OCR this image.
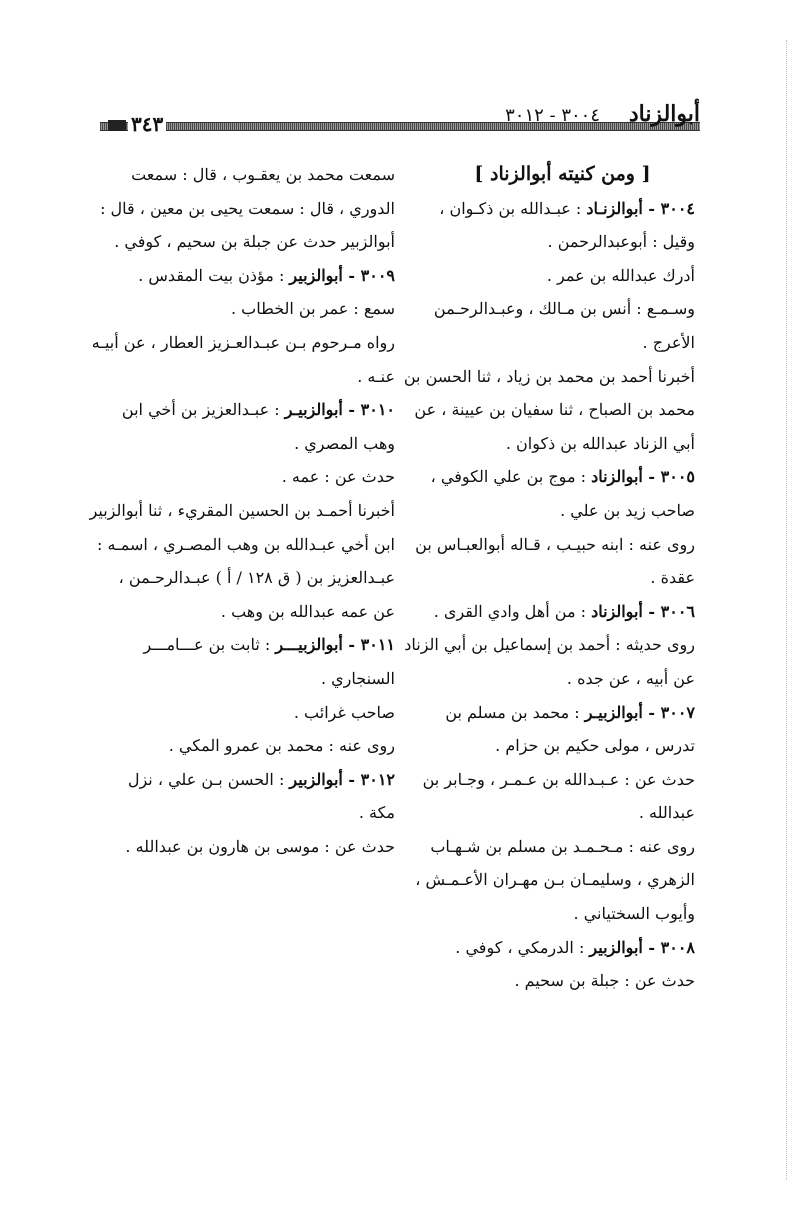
أبوالزناد
٣٠٠٤ - ٣٠١٢
٣٤٣
[ ومن كنيته أبوالزناد ]
٣٠٠٤ - أبوالزنـاد : عبـدالله بن ذكـوان ،
وقيل : أبوعبدالرحمن .
أدرك عبدالله بن عمر .
وسـمـع : أنس بن مـالك ، وعبـدالرحـمن
الأعرج .
أخبرنا أحمد بن محمد بن زياد ، ثنا الحسن بن
محمد بن الصباح ، ثنا سفيان بن عيينة ، عن
أبي الزناد عبدالله بن ذكوان .
٣٠٠٥ - أبوالزناد : موج بن علي الكوفي ،
صاحب زيد بن علي .
روى عنه : ابنه حبيـب ، قـاله أبوالعبـاس بن
عقدة .
٣٠٠٦ - أبوالزناد : من أهل وادي القرى .
روى حديثه : أحمد بن إسماعيل بن أبي الزناد
عن أبيه ، عن جده .
٣٠٠٧ - أبوالزبيـر : محمد بن مسلم بن
تدرس ، مولى حكيم بن حزام .
حدث عن : عـبـدالله بن عـمـر ، وجـابر بن
عبدالله .
روى عنه : مـحـمـد بن مسلم بن شـهـاب
الزهري ، وسليمـان بـن مهـران الأعـمـش ،
وأيوب السختياني .
٣٠٠٨ - أبوالزبير : الدرمكي ، كوفي .
حدث عن : جبلة بن سحيم .
سمعت محمد بن يعقـوب ، قال : سمعت
الدوري ، قال : سمعت يحيى بن معين ، قال :
أبوالزبير حدث عن جبلة بن سحيم ، كوفي .
٣٠٠٩ - أبوالزبير : مؤذن بيت المقدس .
سمع : عمر بن الخطاب .
رواه مـرحوم بـن عبـدالعـزيز العطار ، عن أبيـه
عنـه .
٣٠١٠ - أبوالزبيـر : عبـدالعزيز بن أخي ابن
وهب المصري .
حدث عن : عمه .
أخبرنا أحمـد بن الحسين المقريء ، ثنا أبوالزبير
ابن أخي عبـدالله بن وهب المصـري ، اسمـه :
عبـدالعزيز بن ( ق ١٢٨ / أ ) عبـدالرحـمن ،
عن عمه عبدالله بن وهب .
٣٠١١ - أبوالزبيـــر : ثابت بن عـــامـــر
السنجاري .
صاحب غرائب .
روى عنه : محمد بن عمرو المكي .
٣٠١٢ - أبوالزبير : الحسن بـن علي ، نزل
مكة .
حدث عن : موسى بن هارون بن عبدالله .
